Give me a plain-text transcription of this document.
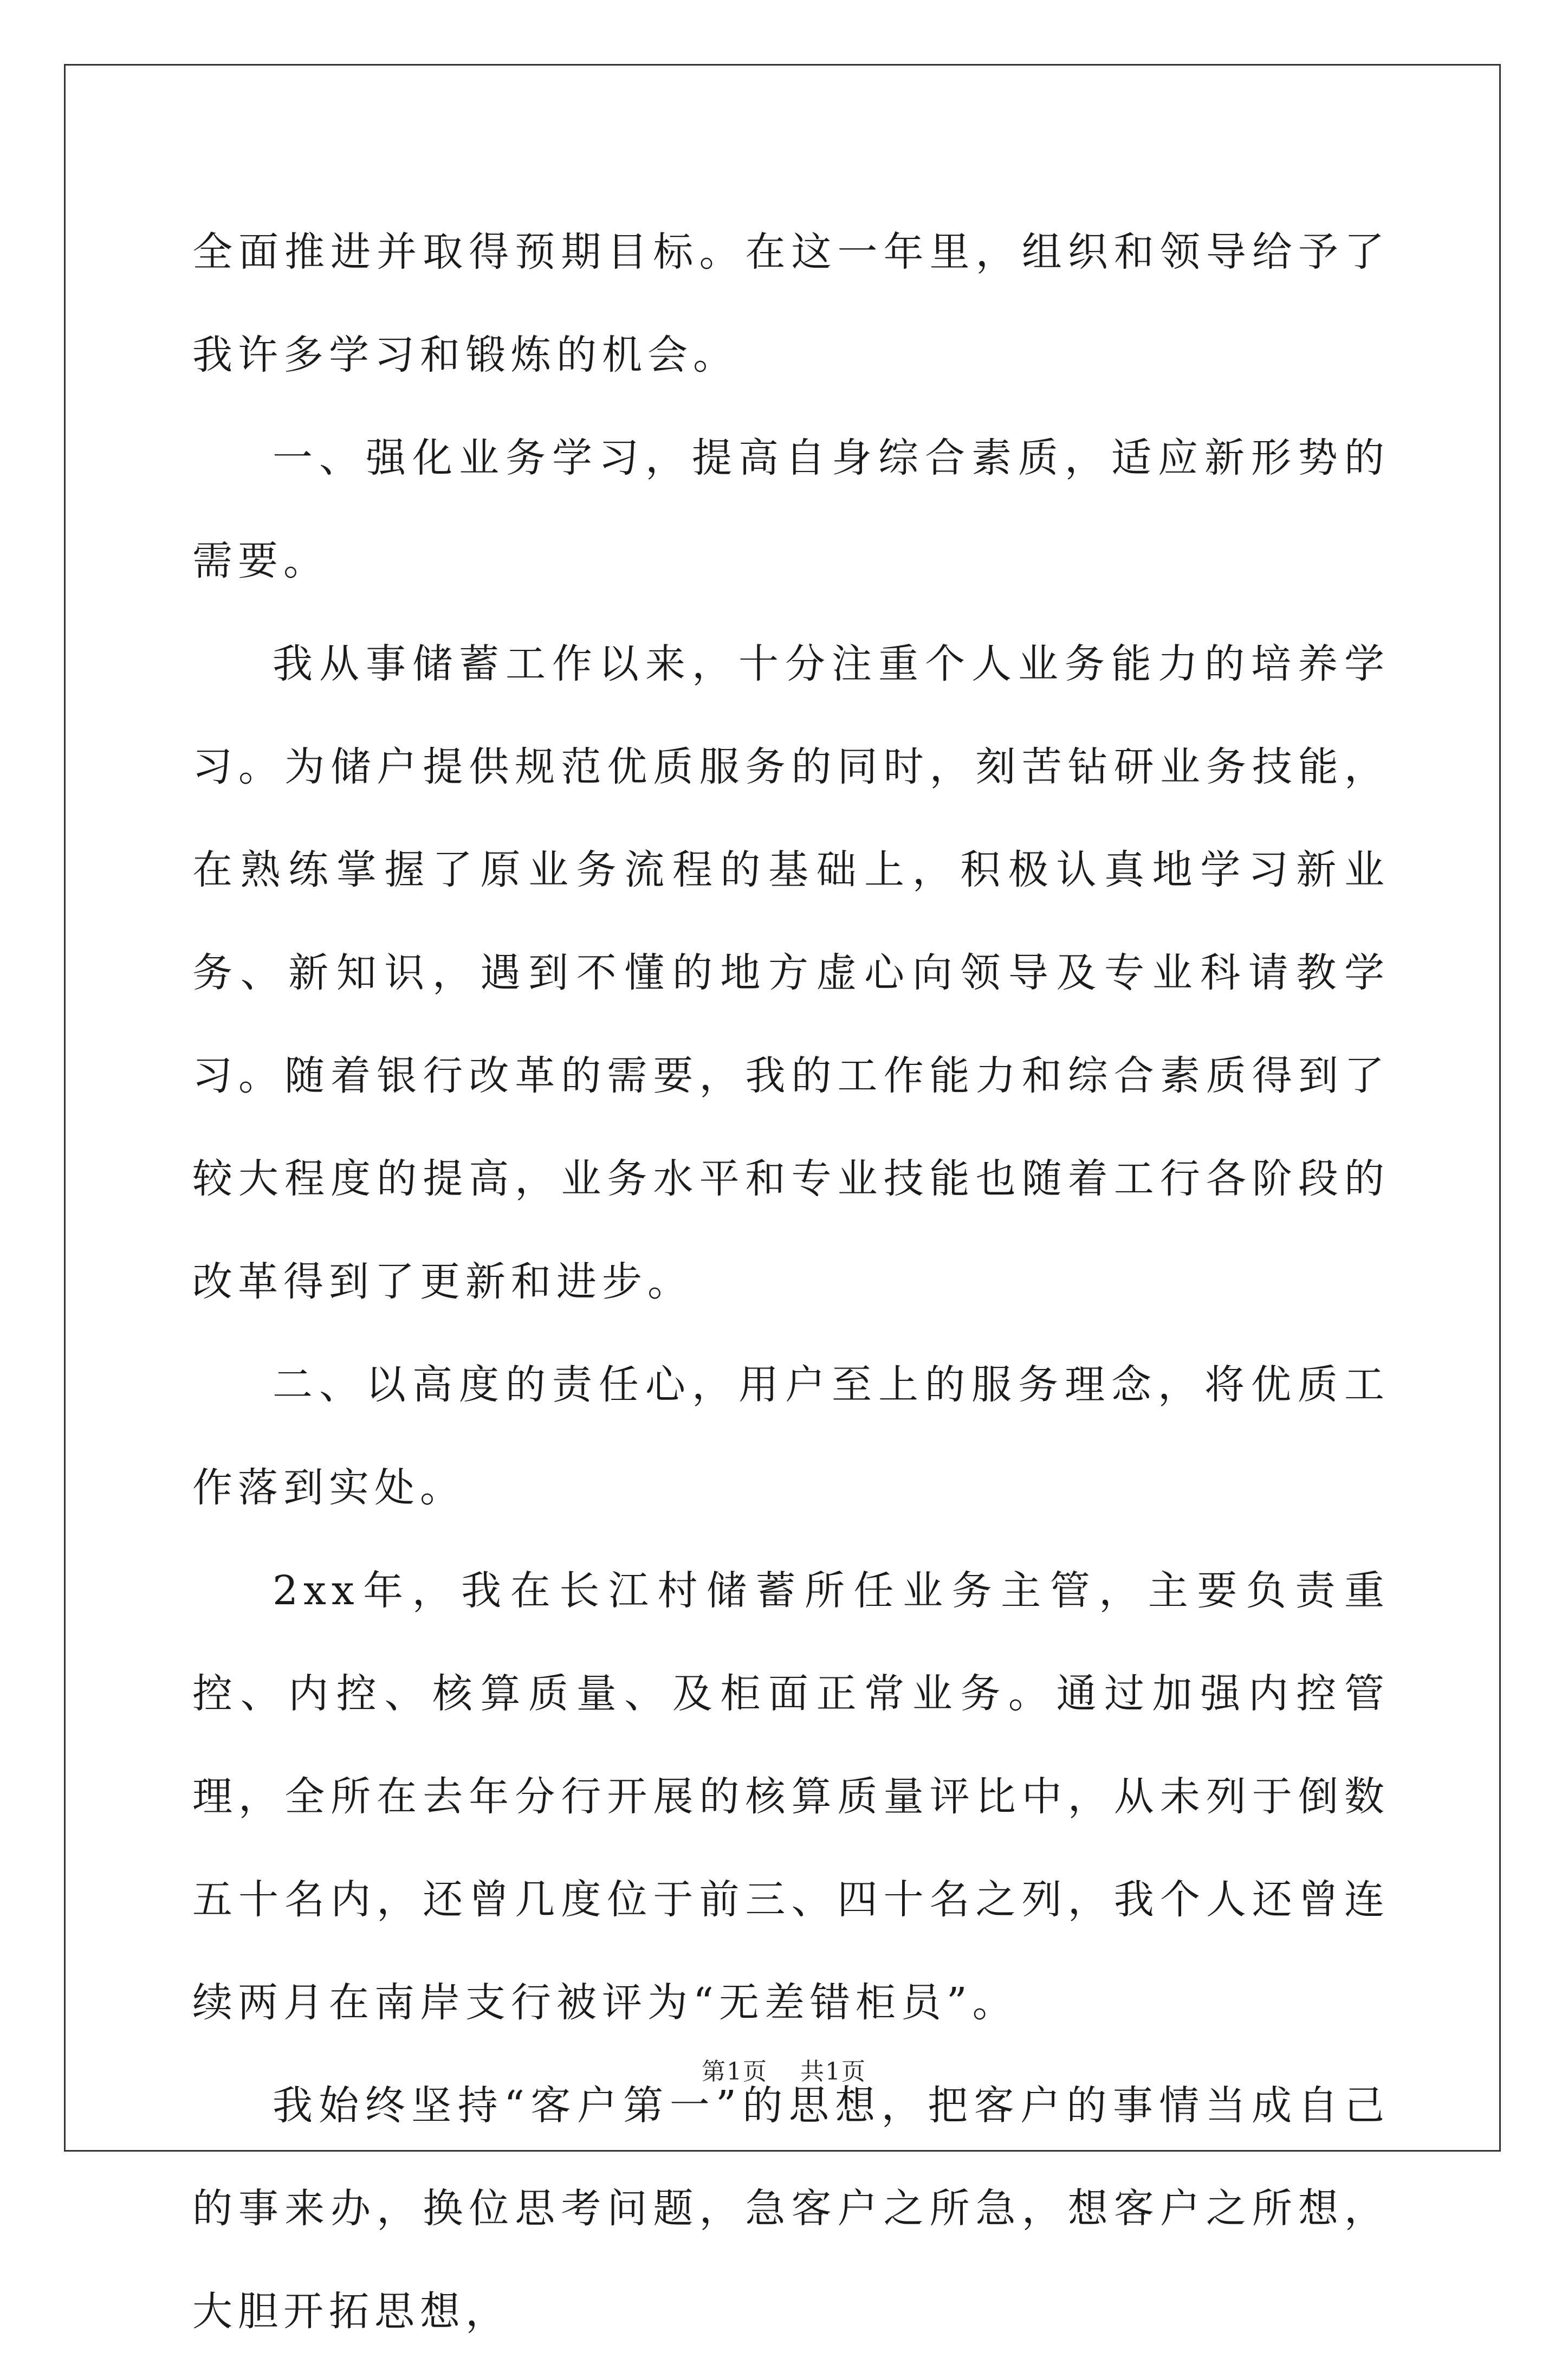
全面推进并取得预期目标。在这一年里，组织和领导给予了我许多学习和锻炼的机会。

一、强化业务学习，提高自身综合素质，适应新形势的需要。

我从事储蓄工作以来，十分注重个人业务能力的培养学习。为储户提供规范优质服务的同时，刻苦钻研业务技能，在熟练掌握了原业务流程的基础上，积极认真地学习新业务、新知识，遇到不懂的地方虚心向领导及专业科请教学习。随着银行改革的需要，我的工作能力和综合素质得到了较大程度的提高，业务水平和专业技能也随着工行各阶段的改革得到了更新和进步。

二、以高度的责任心，用户至上的服务理念，将优质工作落到实处。

2xx年，我在长江村储蓄所任业务主管，主要负责重控、内控、核算质量、及柜面正常业务。通过加强内控管理，全所在去年分行开展的核算质量评比中，从未列于倒数五十名内，还曾几度位于前三、四十名之列，我个人还曾连续两月在南岸支行被评为“无差错柜员”。

我始终坚持“客户第一”的思想，把客户的事情当成自己的事来办，换位思考问题，急客户之所急，想客户之所想，大胆开拓思想，

第1页 共1页
